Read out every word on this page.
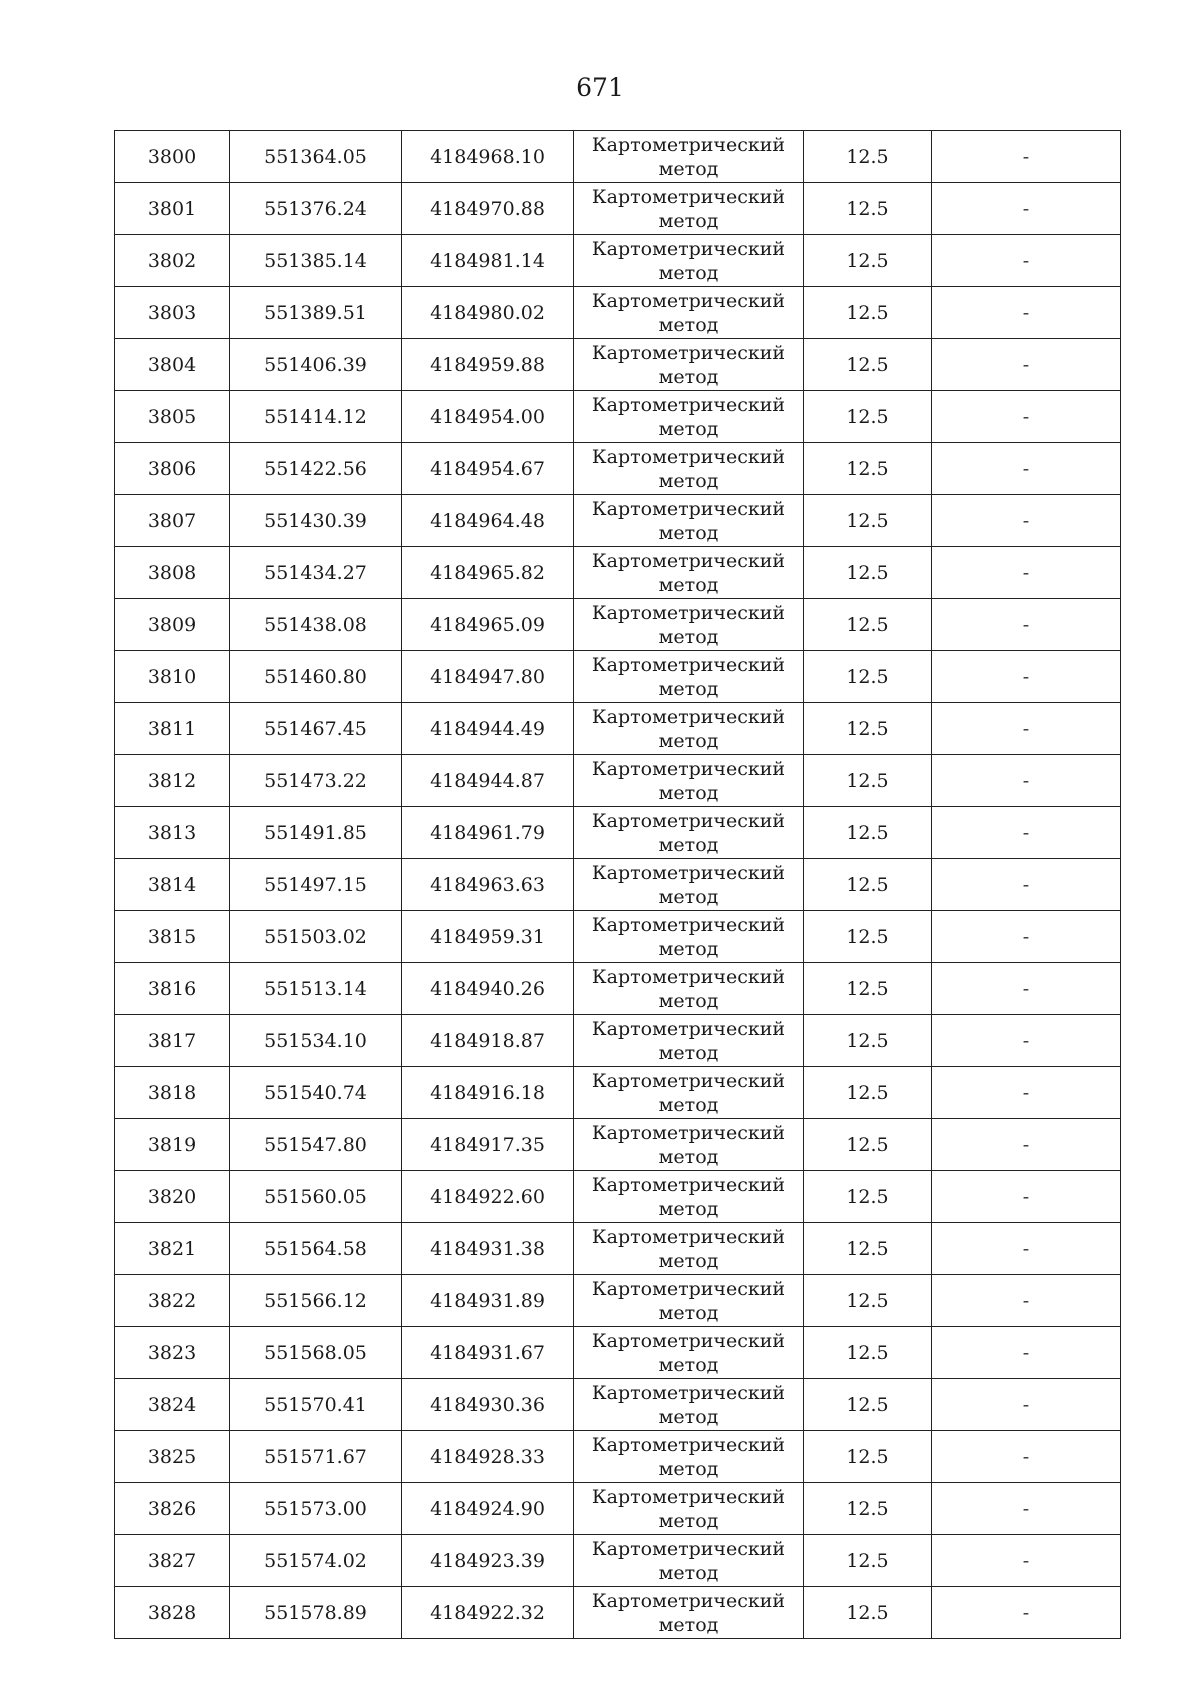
671
3800	551364.05	4184968.10	Картометрический
метод	12.5	-
3801	551376.24	4184970.88	Картометрический
метод	12.5	-
3802	551385.14	4184981.14	Картометрический
метод	12.5	-
3803	551389.51	4184980.02	Картометрический
метод	12.5	-
3804	551406.39	4184959.88	Картометрический
метод	12.5	-
3805	551414.12	4184954.00	Картометрический
метод	12.5	-
3806	551422.56	4184954.67	Картометрический
метод	12.5	-
3807	551430.39	4184964.48	Картометрический
метод	12.5	-
3808	551434.27	4184965.82	Картометрический
метод	12.5	-
3809	551438.08	4184965.09	Картометрический
метод	12.5	-
3810	551460.80	4184947.80	Картометрический
метод	12.5	-
3811	551467.45	4184944.49	Картометрический
метод	12.5	-
3812	551473.22	4184944.87	Картометрический
метод	12.5	-
3813	551491.85	4184961.79	Картометрический
метод	12.5	-
3814	551497.15	4184963.63	Картометрический
метод	12.5	-
3815	551503.02	4184959.31	Картометрический
метод	12.5	-
3816	551513.14	4184940.26	Картометрический
метод	12.5	-
3817	551534.10	4184918.87	Картометрический
метод	12.5	-
3818	551540.74	4184916.18	Картометрический
метод	12.5	-
3819	551547.80	4184917.35	Картометрический
метод	12.5	-
3820	551560.05	4184922.60	Картометрический
метод	12.5	-
3821	551564.58	4184931.38	Картометрический
метод	12.5	-
3822	551566.12	4184931.89	Картометрический
метод	12.5	-
3823	551568.05	4184931.67	Картометрический
метод	12.5	-
3824	551570.41	4184930.36	Картометрический
метод	12.5	-
3825	551571.67	4184928.33	Картометрический
метод	12.5	-
3826	551573.00	4184924.90	Картометрический
метод	12.5	-
3827	551574.02	4184923.39	Картометрический
метод	12.5	-
3828	551578.89	4184922.32	Картометрический
метод	12.5	-
